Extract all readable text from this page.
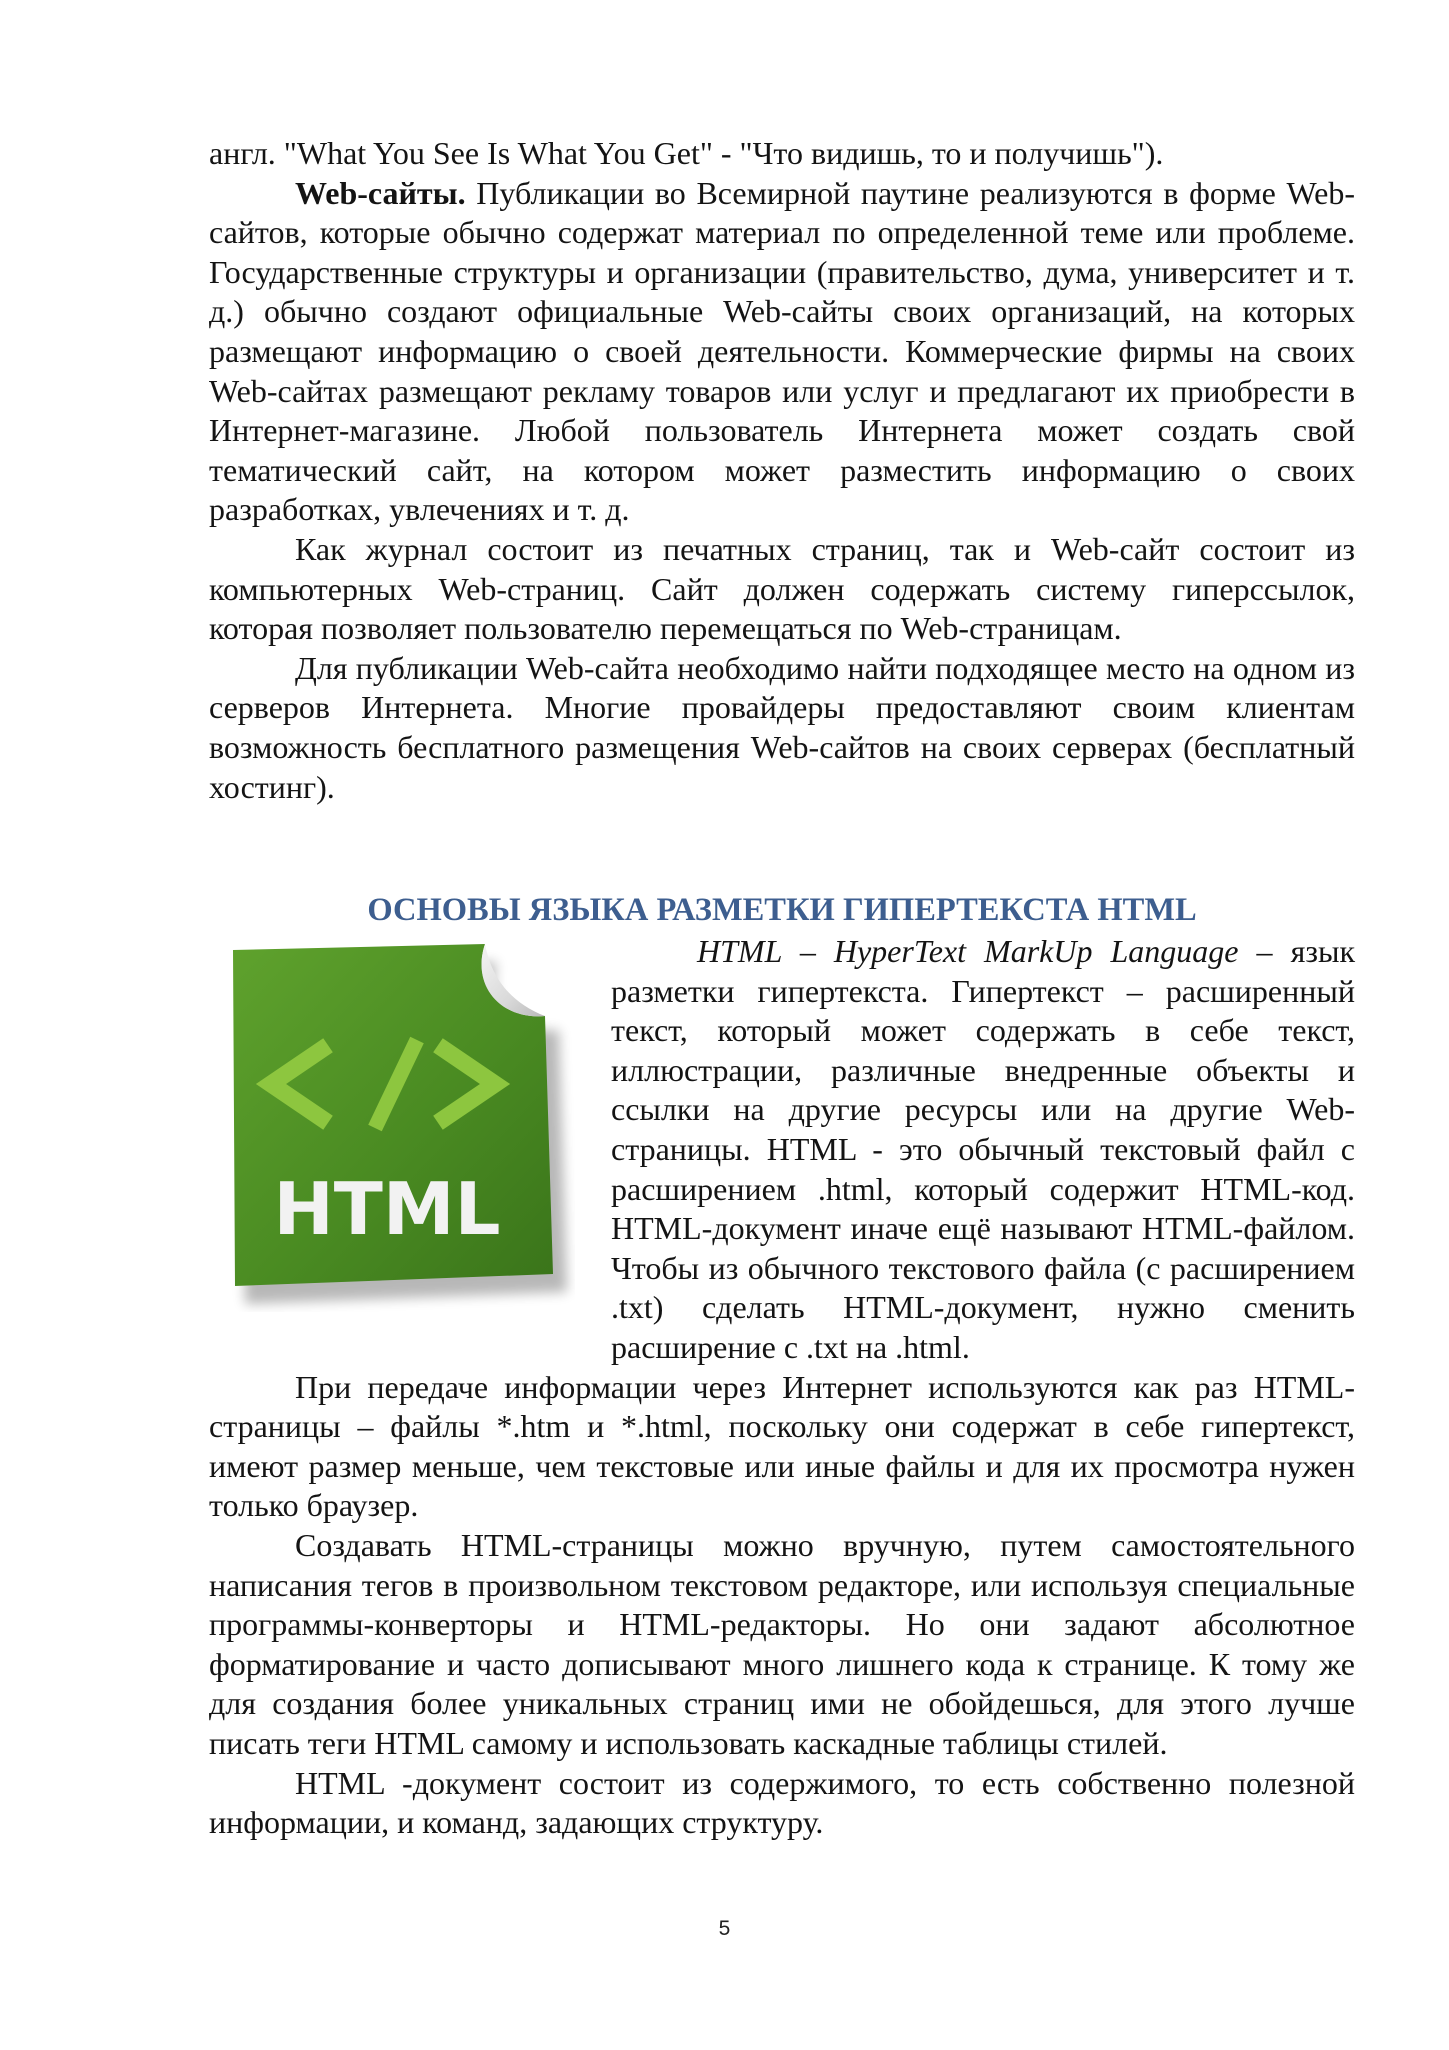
англ. "What You See Is What You Get" - "Что видишь, то и получишь").

Web-сайты. Публикации во Всемирной паутине реализуются в форме Web-сайтов, которые обычно содержат материал по определенной теме или проблеме. Государственные структуры и организации (правительство, дума, университет и т. д.) обычно создают официальные Web-сайты своих организаций, на которых размещают информацию о своей деятельности. Коммерческие фирмы на своих Web-сайтах размещают рекламу товаров или услуг и предлагают их приобрести в Интернет-магазине. Любой пользователь Интернета может создать свой тематический сайт, на котором может разместить информацию о своих разработках, увлечениях и т. д.

Как журнал состоит из печатных страниц, так и Web-сайт состоит из компьютерных Web-страниц. Сайт должен содержать систему гиперссылок, которая позволяет пользователю перемещаться по Web-страницам.

Для публикации Web-сайта необходимо найти подходящее место на одном из серверов Интернета. Многие провайдеры предоставляют своим клиентам возможность бесплатного размещения Web-сайтов на своих серверах (бесплатный хостинг).

ОСНОВЫ ЯЗЫКА РАЗМЕТКИ ГИПЕРТЕКСТА HTML
HTML

HTML – HyperText MarkUp Language – язык разметки гипертекста. Гипертекст – расширенный текст, который может содержать в себе текст, иллюстрации, различные внедренные объекты и ссылки на другие ресурсы или на другие Web-страницы. HTML - это обычный текстовый файл с расширением .html, который содержит HTML-код. HTML-документ иначе ещё называют HTML-файлом. Чтобы из обычного текстового файла (с расширением .txt) сделать HTML-документ, нужно сменить расширение с .txt на .html.

При передаче информации через Интернет используются как раз HTML-страницы – файлы *.htm и *.html, поскольку они содержат в себе гипертекст, имеют размер меньше, чем текстовые или иные файлы и для их просмотра нужен только браузер.

Создавать HTML-страницы можно вручную, путем самостоятельного написания тегов в произвольном текстовом редакторе, или используя специальные программы-конверторы и HTML-редакторы. Но они задают абсолютное форматирование и часто дописывают много лишнего кода к странице. К тому же для создания более уникальных страниц ими не обойдешься, для этого лучше писать теги HTML самому и использовать каскадные таблицы стилей.

HTML -документ состоит из содержимого, то есть собственно полезной информации, и команд, задающих структуру.

5
